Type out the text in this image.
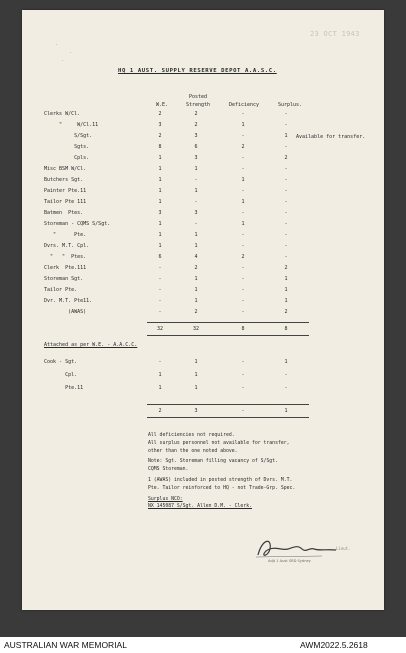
23 OCT 1943
HQ 1 AUST. SUPPLY RESERVE DEPOT A.A.S.C.

W.E.
Posted
Strength	Deficiency	Surplus.
Clerks W/Cl.	2	2	-	-
"     W/Cl.11	3	2	1	-
S/Sgt.	2	3	-	1
Sgts.	8	6	2	-
Cpls.	1	3	-	2
Misc BSM W/Cl.	1	1	-	-
Butchers Sgt.	1	-	1	-
Painter Pte.11	1	1	-	-
Tailor Pte 111	1	-	1	-
Batmen  Ptes.	3	3	-	-
Storeman - CQMS S/Sgt.	1	-	1	-
"      Pte.	1	1	-	-
Dvrs. M.T. Cpl.	1	1	-	-
"   "  Ptes.	6	4	2	-
Clerk  Pte.111	-	2	-	2
Storeman Sgt.	-	1	-	1
Tailor Pte.	-	1	-	1
Dvr. M.T. Pte11.	-	1	-	1
(AWAS)	-	2	-	2
Available for transfer.
32	32	8	8
Attached as per W.E. - A.A.C.C.
Cook - Sgt.	-	1	-	1
Cpl.	1	1	-	-
Pte.11	1	1	-	-
2	3	-	1
All deficiencies not required.
All surplus personnel not available for transfer,
other than the one noted above.
Note: Sgt. Storeman filling vacancy of S/Sgt.
CQMS Storeman.
1 (AWAS) included in posted strength of Dvrs. M.T.
Pte. Tailor reinforced to HQ - not Trade-Grp. Spec.
Surplus NCO:
NX 145087 S/Sgt. Allen D.M. - Clerk.
Lieut.
Adjt 1 Aust SRD Sydney
AUSTRALIAN WAR MEMORIAL	AWM2022.5.2618
